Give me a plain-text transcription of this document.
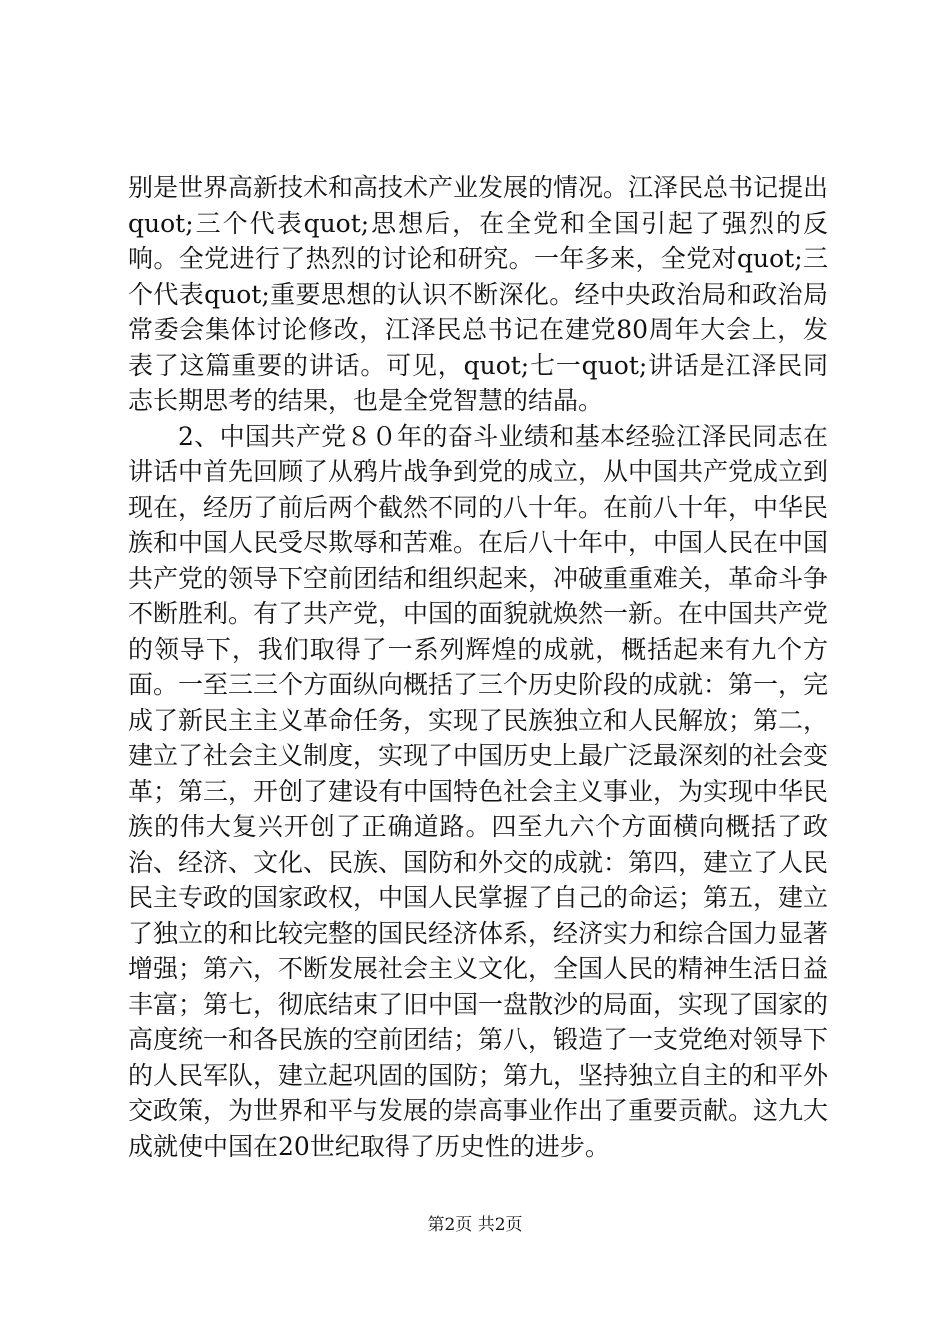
别是世界高新技术和高技术产业发展的情况。江泽民总书记提出quot;三个代表quot;思想后，在全党和全国引起了强烈的反响。全党进行了热烈的讨论和研究。一年多来，全党对quot;三个代表quot;重要思想的认识不断深化。经中央政治局和政治局常委会集体讨论修改，江泽民总书记在建党80周年大会上，发表了这篇重要的讲话。可见，quot;七一quot;讲话是江泽民同志长期思考的结果，也是全党智慧的结晶。

2、中国共产党８０年的奋斗业绩和基本经验江泽民同志在讲话中首先回顾了从鸦片战争到党的成立，从中国共产党成立到现在，经历了前后两个截然不同的八十年。在前八十年，中华民族和中国人民受尽欺辱和苦难。在后八十年中，中国人民在中国共产党的领导下空前团结和组织起来，冲破重重难关，革命斗争不断胜利。有了共产党，中国的面貌就焕然一新。在中国共产党的领导下，我们取得了一系列辉煌的成就，概括起来有九个方面。一至三三个方面纵向概括了三个历史阶段的成就：第一，完成了新民主主义革命任务，实现了民族独立和人民解放；第二，建立了社会主义制度，实现了中国历史上最广泛最深刻的社会变革；第三，开创了建设有中国特色社会主义事业，为实现中华民族的伟大复兴开创了正确道路。四至九六个方面横向概括了政治、经济、文化、民族、国防和外交的成就：第四，建立了人民民主专政的国家政权，中国人民掌握了自己的命运；第五，建立了独立的和比较完整的国民经济体系，经济实力和综合国力显著增强；第六，不断发展社会主义文化，全国人民的精神生活日益丰富；第七，彻底结束了旧中国一盘散沙的局面，实现了国家的高度统一和各民族的空前团结；第八，锻造了一支党绝对领导下的人民军队，建立起巩固的国防；第九，坚持独立自主的和平外交政策，为世界和平与发展的崇高事业作出了重要贡献。这九大成就使中国在20世纪取得了历史性的进步。

第2页 共2页
